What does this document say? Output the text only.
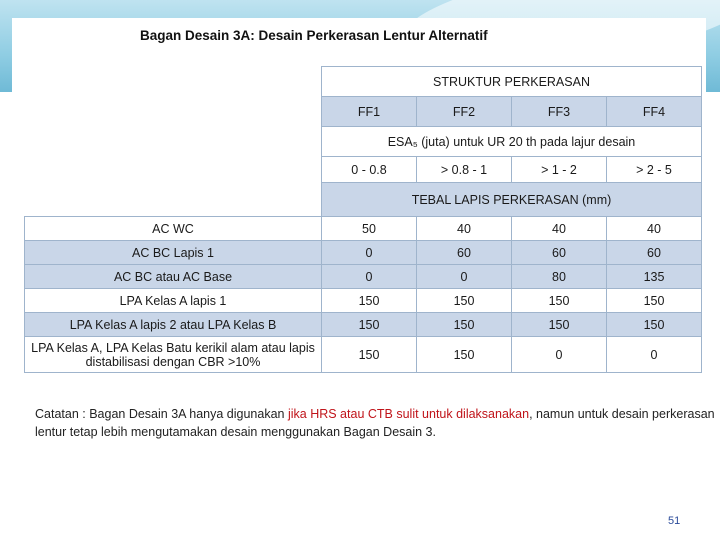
Bagan Desain 3A: Desain Perkerasan Lentur Alternatif
	STRUKTUR PERKERASAN			
	FF1	FF2	FF3	FF4
	ESA₅ (juta) untuk UR 20 th pada lajur desain			
	0 - 0.8	> 0.8 - 1	> 1 - 2	> 2 - 5
	TEBAL LAPIS PERKERASAN (mm)			
AC WC	50	40	40	40
AC BC Lapis 1	0	60	60	60
AC BC atau AC Base	0	0	80	135
LPA Kelas A lapis 1	150	150	150	150
LPA Kelas A lapis 2 atau LPA Kelas B	150	150	150	150
LPA Kelas A, LPA Kelas Batu kerikil alam atau lapis distabilisasi dengan CBR >10%	150	150	0	0
Catatan : Bagan Desain 3A hanya digunakan jika HRS atau CTB sulit untuk dilaksanakan, namun untuk desain perkerasan lentur tetap lebih mengutamakan desain menggunakan Bagan Desain 3.
51
